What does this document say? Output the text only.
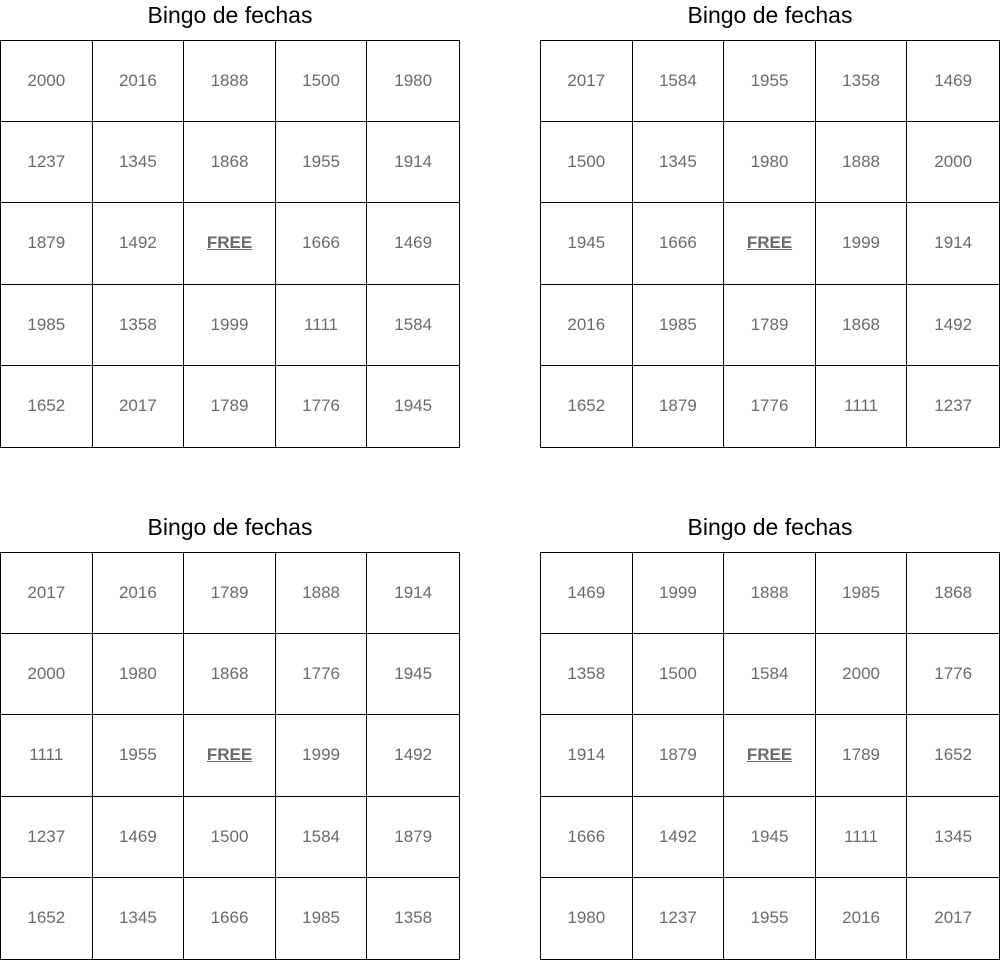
Bingo de fechas
2000	2016	1888	1500	1980
1237	1345	1868	1955	1914
1879	1492	FREE	1666	1469
1985	1358	1999	1111	1584
1652	2017	1789	1776	1945
Bingo de fechas
2017	1584	1955	1358	1469
1500	1345	1980	1888	2000
1945	1666	FREE	1999	1914
2016	1985	1789	1868	1492
1652	1879	1776	1111	1237
Bingo de fechas
2017	2016	1789	1888	1914
2000	1980	1868	1776	1945
1111	1955	FREE	1999	1492
1237	1469	1500	1584	1879
1652	1345	1666	1985	1358
Bingo de fechas
1469	1999	1888	1985	1868
1358	1500	1584	2000	1776
1914	1879	FREE	1789	1652
1666	1492	1945	1111	1345
1980	1237	1955	2016	2017
